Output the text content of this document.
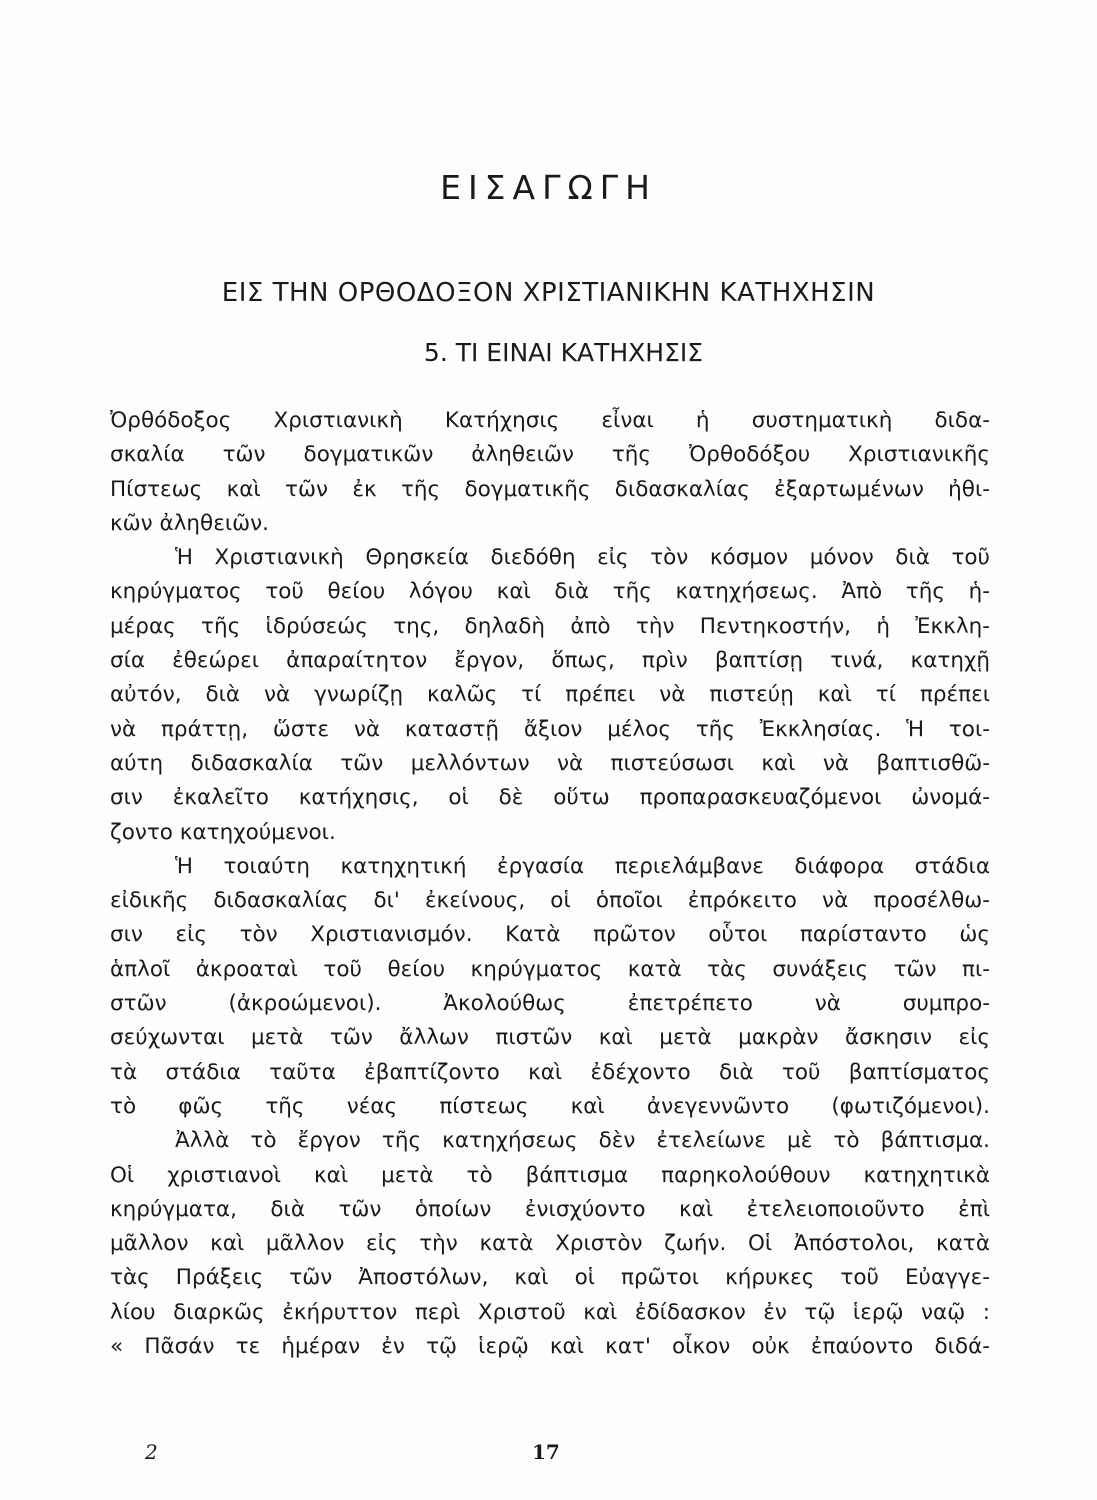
ΕΙΣΑΓΩΓΗ
ΕΙΣ ΤΗΝ ΟΡΘΟΔΟΞΟΝ ΧΡΙΣΤΙΑΝΙΚΗΝ ΚΑΤΗΧΗΣΙΝ
5. ΤΙ ΕΙΝΑΙ ΚΑΤΗΧΗΣΙΣ
Ὀρθόδοξος Χριστιανικὴ Κατήχησις εἶναι ἡ συστηματικὴ διδα-
σκαλία τῶν δογματικῶν ἀληθειῶν τῆς Ὀρθοδόξου Χριστιανικῆς
Πίστεως καὶ τῶν ἐκ τῆς δογματικῆς διδασκαλίας ἐξαρτωμένων ἠθι-
κῶν ἀληθειῶν.
Ἡ Χριστιανικὴ Θρησκεία διεδόθη εἰς τὸν κόσμον μόνον διὰ τοῦ
κηρύγματος τοῦ θείου λόγου καὶ διὰ τῆς κατηχήσεως. Ἀπὸ τῆς ἡ-
μέρας τῆς ἱδρύσεώς της, δηλαδὴ ἀπὸ τὴν Πεντηκοστήν, ἡ Ἐκκλη-
σία ἐθεώρει ἀπαραίτητον ἔργον, ὅπως, πρὶν βαπτίσῃ τινά, κατηχῇ
αὐτόν, διὰ νὰ γνωρίζῃ καλῶς τί πρέπει νὰ πιστεύῃ καὶ τί πρέπει
νὰ πράττῃ, ὥστε νὰ καταστῇ ἄξιον μέλος τῆς Ἐκκλησίας. Ἡ τοι-
αύτη διδασκαλία τῶν μελλόντων νὰ πιστεύσωσι καὶ νὰ βαπτισθῶ-
σιν ἐκαλεῖτο κατήχησις, οἱ δὲ οὕτω προπαρασκευαζόμενοι ὠνομά-
ζοντο κατηχούμενοι.
Ἡ τοιαύτη κατηχητική ἐργασία περιελάμβανε διάφορα στάδια
εἰδικῆς διδασκαλίας δι' ἐκείνους, οἱ ὁποῖοι ἐπρόκειτο νὰ προσέλθω-
σιν εἰς τὸν Χριστιανισμόν. Κατὰ πρῶτον οὗτοι παρίσταντο ὡς
ἁπλοῖ ἀκροαταὶ τοῦ θείου κηρύγματος κατὰ τὰς συνάξεις τῶν πι-
στῶν (ἀκροώμενοι). Ἀκολούθως ἐπετρέπετο νὰ συμπρο-
σεύχωνται μετὰ τῶν ἄλλων πιστῶν καὶ μετὰ μακρὰν ἄσκησιν εἰς
τὰ στάδια ταῦτα ἐβαπτίζοντο καὶ ἐδέχοντο διὰ τοῦ βαπτίσματος
τὸ φῶς τῆς νέας πίστεως καὶ ἀνεγεννῶντο (φωτιζόμενοι).
Ἀλλὰ τὸ ἔργον τῆς κατηχήσεως δὲν ἐτελείωνε μὲ τὸ βάπτισμα.
Οἱ χριστιανοὶ καὶ μετὰ τὸ βάπτισμα παρηκολούθουν κατηχητικὰ
κηρύγματα, διὰ τῶν ὁποίων ἐνισχύοντο καὶ ἐτελειοποιοῦντο ἐπὶ
μᾶλλον καὶ μᾶλλον εἰς τὴν κατὰ Χριστὸν ζωήν. Οἱ Ἀπόστολοι, κατὰ
τὰς Πράξεις τῶν Ἀποστόλων, καὶ οἱ πρῶτοι κήρυκες τοῦ Εὐαγγε-
λίου διαρκῶς ἐκήρυττον περὶ Χριστοῦ καὶ ἐδίδασκον ἐν τῷ ἱερῷ ναῷ :
« Πᾶσάν τε ἡμέραν ἐν τῷ ἱερῷ καὶ κατ' οἶκον οὐκ ἐπαύοντο διδά-
2	17
